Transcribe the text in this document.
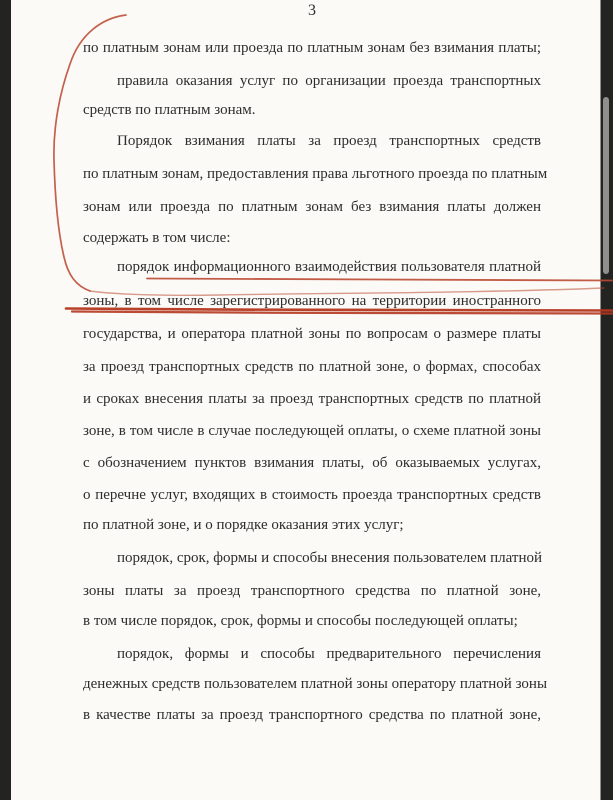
3
по платным зонам или проезда по платным зонам без взимания платы;
правила оказания услуг по организации проезда транспортных
средств по платным зонам.
Порядок взимания платы за проезд транспортных средств
по платным зонам, предоставления права льготного проезда по платным
зонам или проезда по платным зонам без взимания платы должен
содержать в том числе:
порядок информационного взаимодействия пользователя платной
зоны, в том числе зарегистрированного на территории иностранного
государства, и оператора платной зоны по вопросам о размере платы
за проезд транспортных средств по платной зоне, о формах, способах
и сроках внесения платы за проезд транспортных средств по платной
зоне, в том числе в случае последующей оплаты, о схеме платной зоны
с обозначением пунктов взимания платы, об оказываемых услугах,
о перечне услуг, входящих в стоимость проезда транспортных средств
по платной зоне, и о порядке оказания этих услуг;
порядок, срок, формы и способы внесения пользователем платной
зоны платы за проезд транспортного средства по платной зоне,
в том числе порядок, срок, формы и способы последующей оплаты;
порядок, формы и способы предварительного перечисления
денежных средств пользователем платной зоны оператору платной зоны
в качестве платы за проезд транспортного средства по платной зоне,
